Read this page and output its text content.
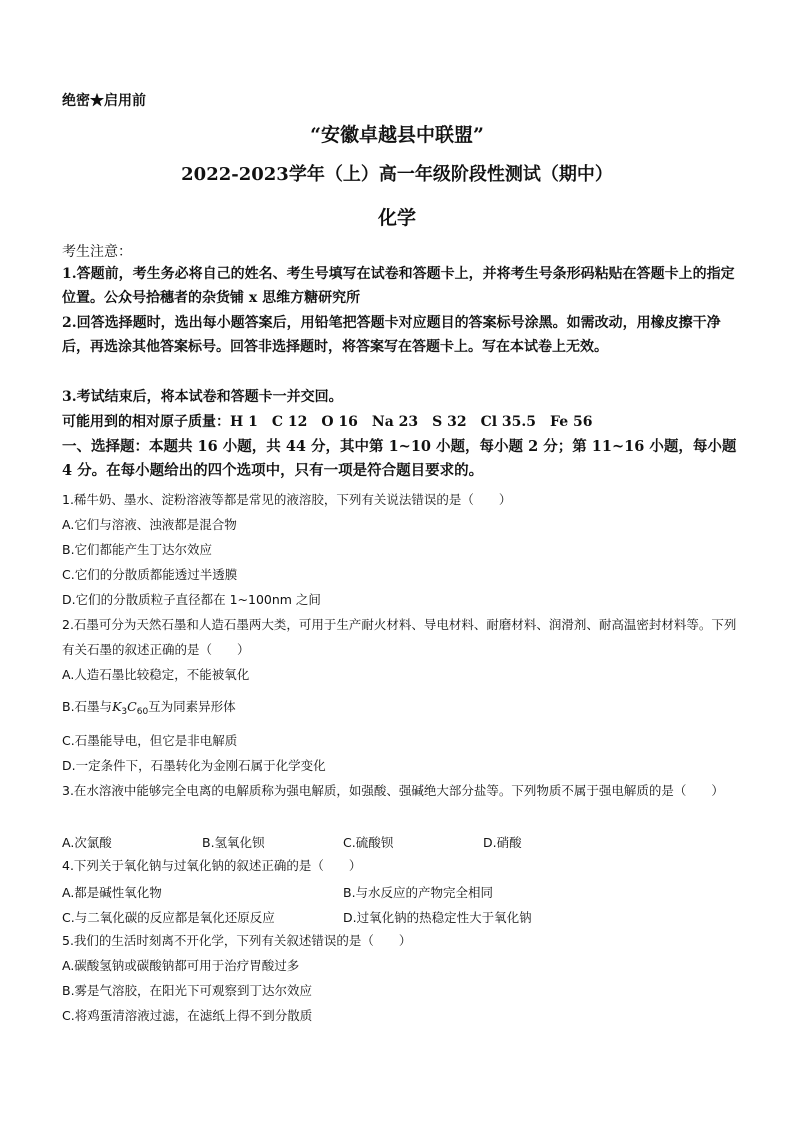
绝密★启用前
“安徽卓越县中联盟”
2022-2023学年（上）高一年级阶段性测试（期中）
化学
考生注意：
1.答题前，考生务必将自己的姓名、考生号填写在试卷和答题卡上，并将考生号条形码粘贴在答题卡上的指定位置。公众号拾穗者的杂货铺 x 思维方糖研究所
2.回答选择题时，选出每小题答案后，用铅笔把答题卡对应题目的答案标号涂黑。如需改动，用橡皮擦干净后，再选涂其他答案标号。回答非选择题时，将答案写在答题卡上。写在本试卷上无效。
3.考试结束后，将本试卷和答题卡一并交回。
可能用到的相对原子质量：H 1　C 12　O 16　Na 23　S 32　Cl 35.5　Fe 56
一、选择题：本题共 16 小题，共 44 分，其中第 1~10 小题，每小题 2 分；第 11~16 小题，每小题 4 分。在每小题给出的四个选项中，只有一项是符合题目要求的。
1.稀牛奶、墨水、淀粉溶液等都是常见的液溶胶，下列有关说法错误的是（　　）
A.它们与溶液、浊液都是混合物
B.它们都能产生丁达尔效应
C.它们的分散质都能透过半透膜
D.它们的分散质粒子直径都在 1~100nm 之间
2.石墨可分为天然石墨和人造石墨两大类，可用于生产耐火材料、导电材料、耐磨材料、润滑剂、耐高温密封材料等。下列有关石墨的叙述正确的是（　　）
A.人造石墨比较稳定，不能被氧化
B.石墨与$K_3C_{60}$互为同素异形体
C.石墨能导电，但它是非电解质
D.一定条件下，石墨转化为金刚石属于化学变化
3.在水溶液中能够完全电离的电解质称为强电解质，如强酸、强碱绝大部分盐等。下列物质不属于强电解质的是（　　）
A.次氯酸	B.氢氧化钡	C.硫酸钡	D.硝酸
4.下列关于氧化钠与过氧化钠的叙述正确的是（　　）
A.都是碱性氧化物	B.与水反应的产物完全相同
C.与二氧化碳的反应都是氧化还原反应	D.过氧化钠的热稳定性大于氧化钠
5.我们的生活时刻离不开化学，下列有关叙述错误的是（　　）
A.碳酸氢钠或碳酸钠都可用于治疗胃酸过多
B.雾是气溶胶，在阳光下可观察到丁达尔效应
C.将鸡蛋清溶液过滤，在滤纸上得不到分散质
